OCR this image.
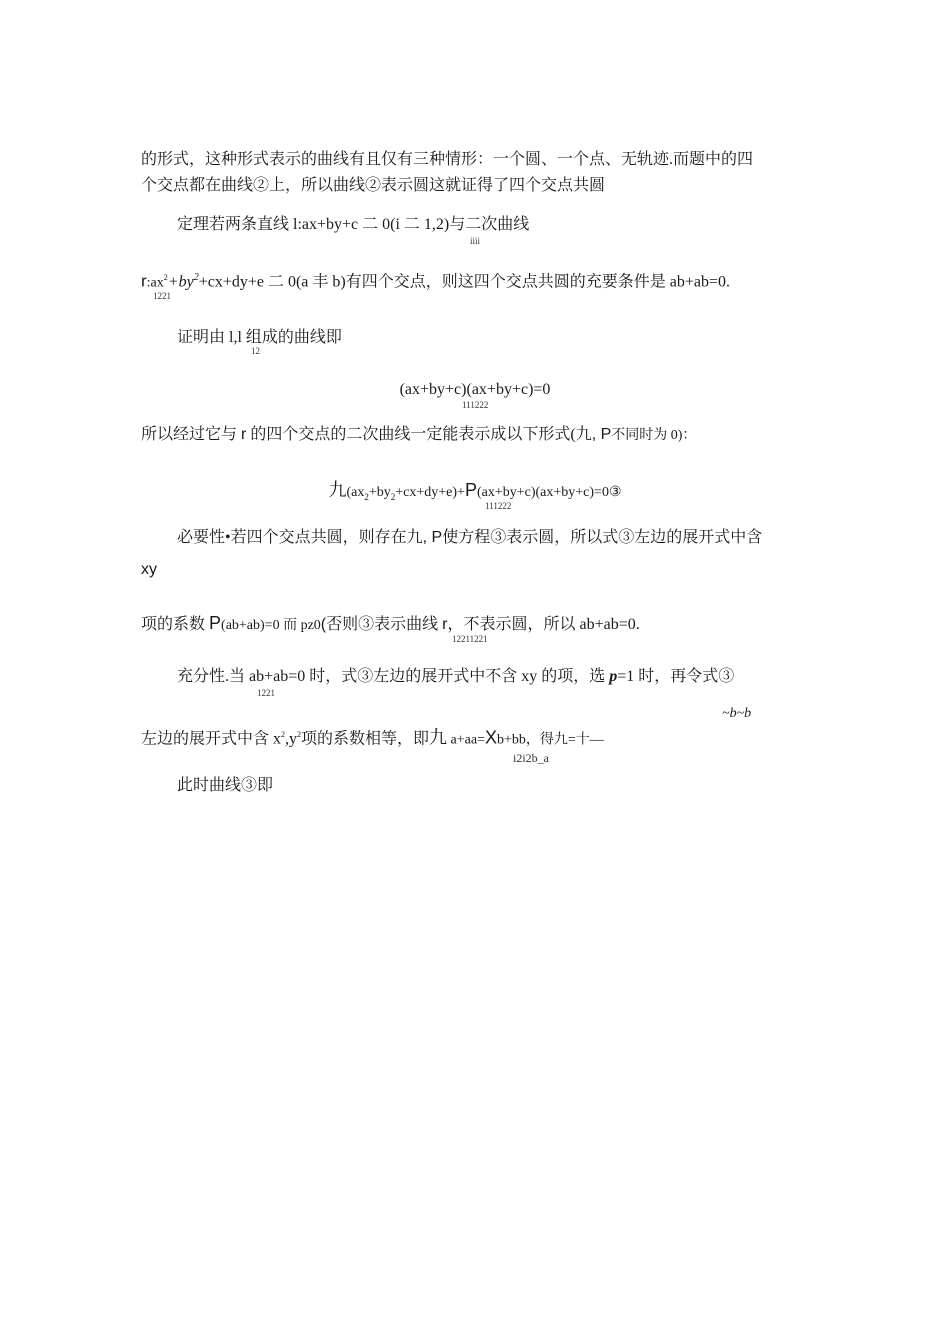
的形式，这种形式表示的曲线有且仅有三种情形：一个圆、一个点、无轨迹.而题中的四
个交点都在曲线②上，所以曲线②表示圆这就证得了四个交点共圆
定理若两条直线 l:ax+by+c 二 0(i 二 1,2)与二次曲线
iiii
$r:ax^2+by^2+cx+dy+e$ 二 0(a 丰 b)有四个交点，则这四个交点共圆的充要条件是 ab+ab=0.
1221
证明由 l,l 组成的曲线即
12
(ax+by+c)(ax+by+c)=0
111222
所以经过它与 r 的四个交点的二次曲线一定能表示成以下形式(九, P不同时为 0)：
九$(ax_2+by_2+cx+dy+e)+P(ax+by+c)(ax+by+c)=0③$
111222
必要性•若四个交点共圆，则存在九, P使方程③表示圆，所以式③左边的展开式中含
xy
项的系数 P(ab+ab)=0 而 pz0(否则③表示曲线 r，不表示圆，所以 ab+ab=0.
12211221
充分性.当 ab+ab=0 时，式③左边的展开式中不含 xy 的项，选 p=1 时，再令式③
1221
~b~b
左边的展开式中含 $x^2,y^2$项的系数相等，即九 a+aa=Xb+bb，得九=十—
i2i2b_a
此时曲线③即
